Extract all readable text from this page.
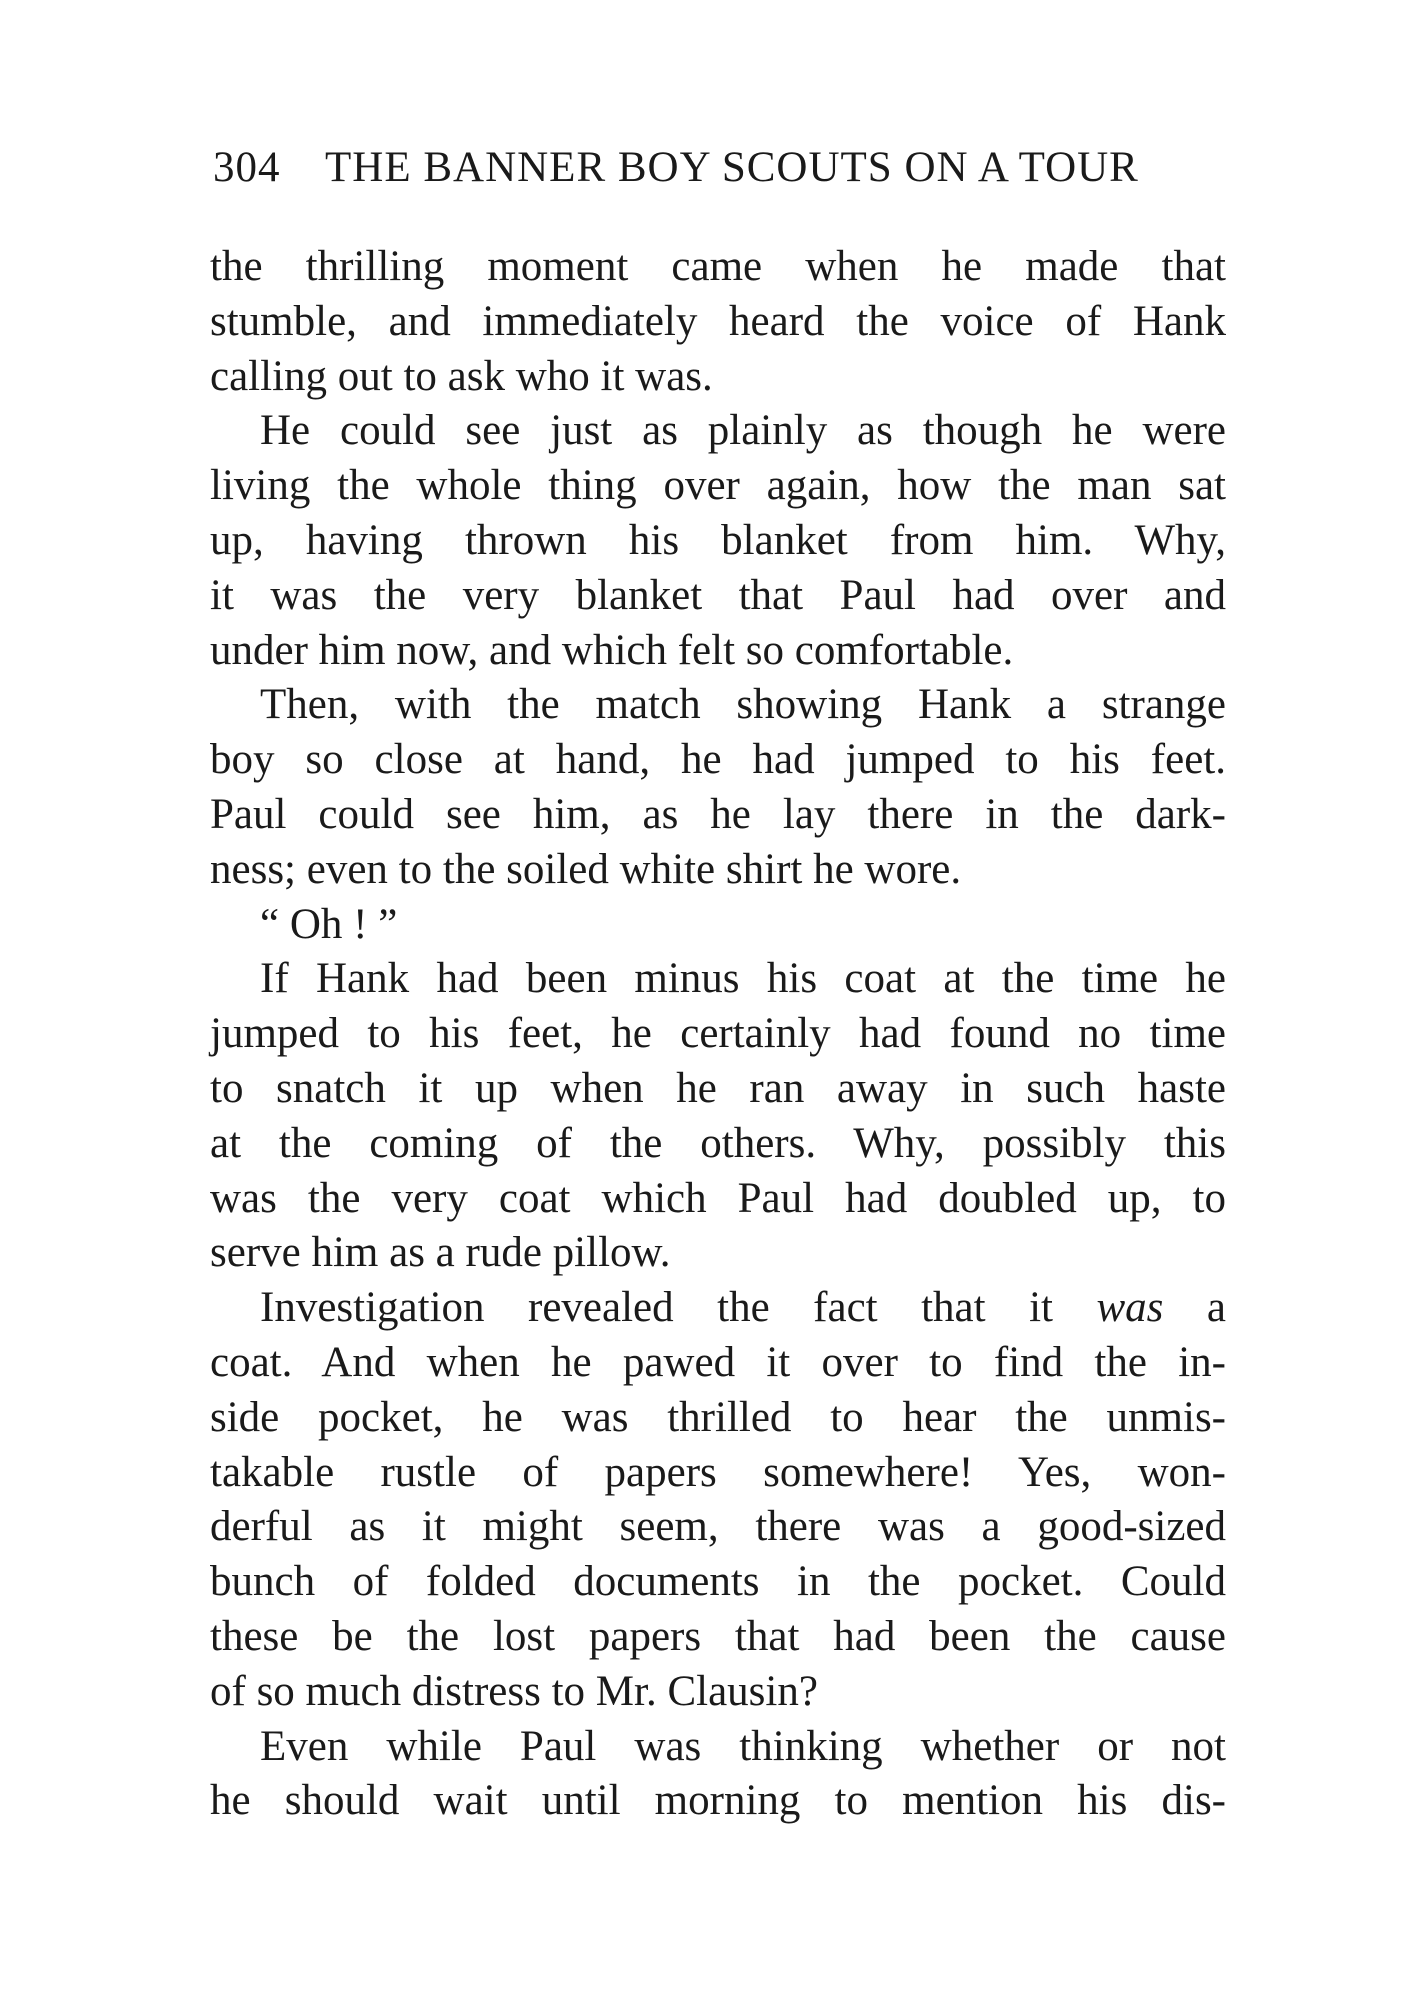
304 THE BANNER BOY SCOUTS ON A TOUR
the thrilling moment came when he made that
stumble, and immediately heard the voice of Hank
calling out to ask who it was.
He could see just as plainly as though he were
living the whole thing over again, how the man sat
up, having thrown his blanket from him. Why,
it was the very blanket that Paul had over and
under him now, and which felt so comfortable.
Then, with the match showing Hank a strange
boy so close at hand, he had jumped to his feet.
Paul could see him, as he lay there in the dark-
ness; even to the soiled white shirt he wore.
“ Oh ! ”
If Hank had been minus his coat at the time he
jumped to his feet, he certainly had found no time
to snatch it up when he ran away in such haste
at the coming of the others. Why, possibly this
was the very coat which Paul had doubled up, to
serve him as a rude pillow.
Investigation revealed the fact that it was a
coat. And when he pawed it over to find the in-
side pocket, he was thrilled to hear the unmis-
takable rustle of papers somewhere! Yes, won-
derful as it might seem, there was a good-sized
bunch of folded documents in the pocket. Could
these be the lost papers that had been the cause
of so much distress to Mr. Clausin?
Even while Paul was thinking whether or not
he should wait until morning to mention his dis-
